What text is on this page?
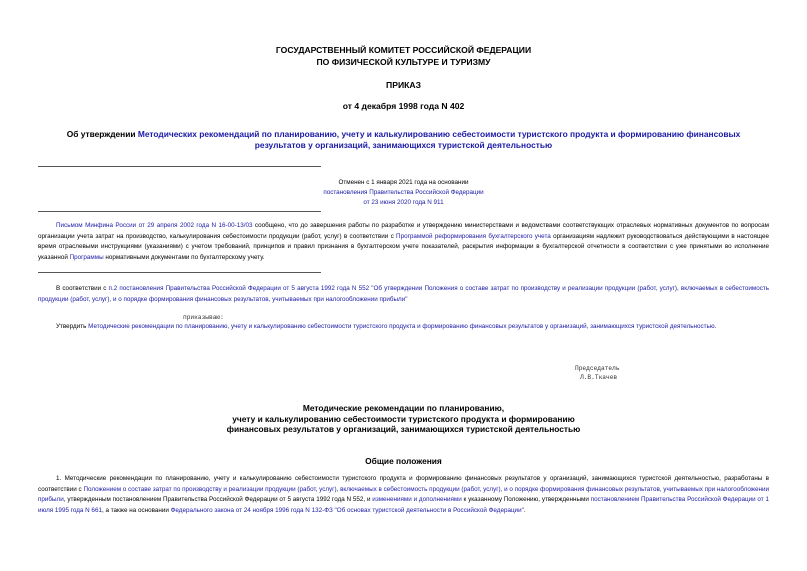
ГОСУДАРСТВЕННЫЙ КОМИТЕТ РОССИЙСКОЙ ФЕДЕРАЦИИ
ПО ФИЗИЧЕСКОЙ КУЛЬТУРЕ И ТУРИЗМУ
ПРИКАЗ
от 4 декабря 1998 года N 402
Об утверждении Методических рекомендаций по планированию, учету и калькулированию себестоимости туристского продукта и формированию финансовых
результатов у организаций, занимающихся туристской деятельностью
Отменен с 1 января 2021 года на основании
постановления Правительства Российской Федерации
от 23 июня 2020 года N 911
Письмом Минфина России от 29 апреля 2002 года N 16-00-13/03 сообщено, что до завершения работы по разработке и утверждению министерствами и ведомствами соответствующих отраслевых нормативных документов по вопросам организации учета затрат на производство, калькулирования себестоимости продукции (работ, услуг) в соответствии с Программой реформирования бухгалтерского учета организациям надлежит руководствоваться действующими в настоящее время отраслевыми инструкциями (указаниями) с учетом требований, принципов и правил признания в бухгалтерском учете показателей, раскрытия информации в бухгалтерской отчетности в соответствии с уже принятыми во исполнение указанной Программы нормативными документами по бухгалтерскому учету.
В соответствии с п.2 постановления Правительства Российской Федерации от 5 августа 1992 года N 552 "Об утверждении Положения о составе затрат по производству и реализации продукции (работ, услуг), включаемых в себестоимость продукции (работ, услуг), и о порядке формирования финансовых результатов, учитываемых при налогообложении прибыли"
приказываю:
Утвердить Методические рекомендации по планированию, учету и калькулированию себестоимости туристского продукта и формированию финансовых результатов у организаций, занимающихся туристской деятельностью.
Председатель
Л.В.Ткачев
Методические рекомендации по планированию,
учету и калькулированию себестоимости туристского продукта и формированию
финансовых результатов у организаций, занимающихся туристской деятельностью
Общие положения
1. Методические рекомендации по планированию, учету и калькулированию себестоимости туристского продукта и формированию финансовых результатов у организаций, занимающихся туристской деятельностью, разработаны в соответствии с Положением о составе затрат по производству и реализации продукции (работ, услуг), включаемых в себестоимость продукции (работ, услуг), и о порядке формирования финансовых результатов, учитываемых при налогообложении прибыли, утвержденным постановлением Правительства Российской Федерации от 5 августа 1992 года N 552, и изменениями и дополнениями к указанному Положению, утвержденными постановлением Правительства Российской Федерации от 1 июля 1995 года N 661, а также на основании Федерального закона от 24 ноября 1996 года N 132-ФЗ "Об основах туристской деятельности в Российской Федерации".
